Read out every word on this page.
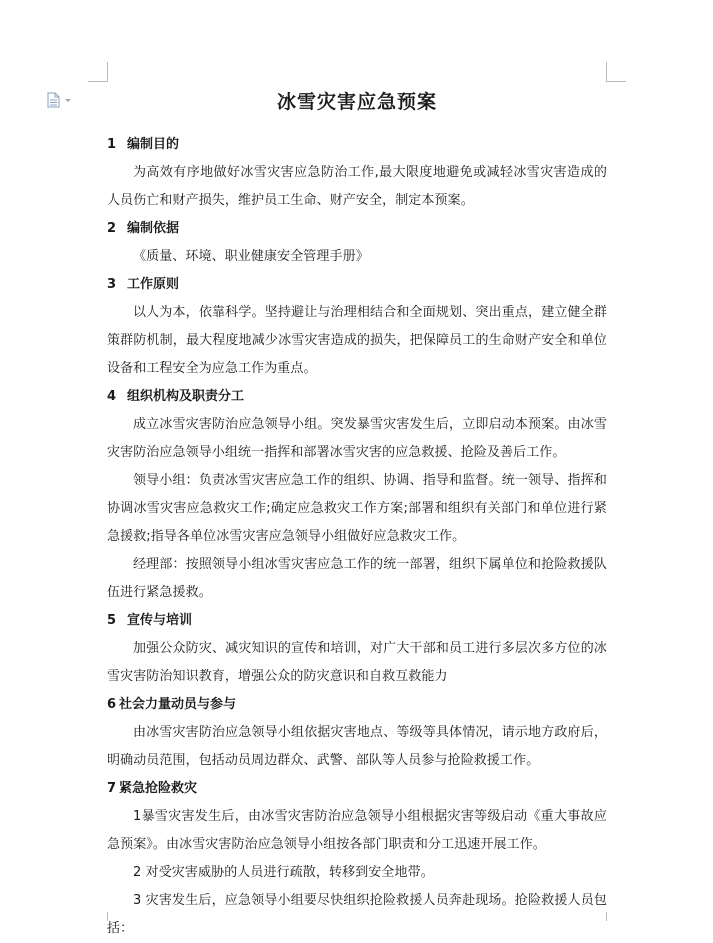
冰雪灾害应急预案
1 编制目的
为高效有序地做好冰雪灾害应急防治工作,最大限度地避免或减轻冰雪灾害造成的人员伤亡和财产损失，维护员工生命、财产安全，制定本预案。
2 编制依据
《质量、环境、职业健康安全管理手册》
3 工作原则
以人为本，依靠科学。坚持避让与治理相结合和全面规划、突出重点，建立健全群策群防机制，最大程度地减少冰雪灾害造成的损失，把保障员工的生命财产安全和单位设备和工程安全为应急工作为重点。
4 组织机构及职责分工
成立冰雪灾害防治应急领导小组。突发暴雪灾害发生后，立即启动本预案。由冰雪灾害防治应急领导小组统一指挥和部署冰雪灾害的应急救援、抢险及善后工作。
领导小组：负责冰雪灾害应急工作的组织、协调、指导和监督。统一领导、指挥和协调冰雪灾害应急救灾工作;确定应急救灾工作方案;部署和组织有关部门和单位进行紧急援救;指导各单位冰雪灾害应急领导小组做好应急救灾工作。
经理部：按照领导小组冰雪灾害应急工作的统一部署，组织下属单位和抢险救援队伍进行紧急援救。
5 宣传与培训
加强公众防灾、减灾知识的宣传和培训，对广大干部和员工进行多层次多方位的冰雪灾害防治知识教育，增强公众的防灾意识和自救互救能力
6 社会力量动员与参与
由冰雪灾害防治应急领导小组依据灾害地点、等级等具体情况，请示地方政府后，明确动员范围，包括动员周边群众、武警、部队等人员参与抢险救援工作。
7 紧急抢险救灾
1暴雪灾害发生后，由冰雪灾害防治应急领导小组根据灾害等级启动《重大事故应急预案》。由冰雪灾害防治应急领导小组按各部门职责和分工迅速开展工作。
2 对受灾害威胁的人员进行疏散，转移到安全地带。
3 灾害发生后，应急领导小组要尽快组织抢险救援人员奔赴现场。抢险救援人员包括：
